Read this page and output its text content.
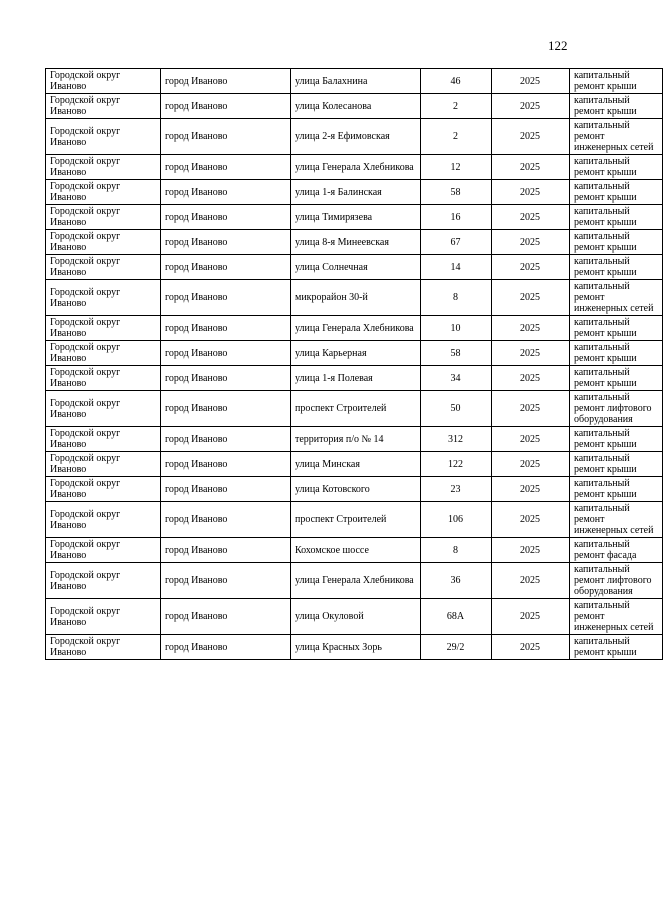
122
Городской округ Иваново	город Иваново	улица Балахнина	46	2025	капитальный ремонт крыши
Городской округ Иваново	город Иваново	улица Колесанова	2	2025	капитальный ремонт крыши
Городской округ Иваново	город Иваново	улица 2-я Ефимовская	2	2025	капитальный ремонт инженерных сетей
Городской округ Иваново	город Иваново	улица Генерала Хлебникова	12	2025	капитальный ремонт крыши
Городской округ Иваново	город Иваново	улица 1-я Балинская	58	2025	капитальный ремонт крыши
Городской округ Иваново	город Иваново	улица Тимирязева	16	2025	капитальный ремонт крыши
Городской округ Иваново	город Иваново	улица 8-я Минеевская	67	2025	капитальный ремонт крыши
Городской округ Иваново	город Иваново	улица Солнечная	14	2025	капитальный ремонт крыши
Городской округ Иваново	город Иваново	микрорайон 30-й	8	2025	капитальный ремонт инженерных сетей
Городской округ Иваново	город Иваново	улица Генерала Хлебникова	10	2025	капитальный ремонт крыши
Городской округ Иваново	город Иваново	улица Карьерная	58	2025	капитальный ремонт крыши
Городской округ Иваново	город Иваново	улица 1-я Полевая	34	2025	капитальный ремонт крыши
Городской округ Иваново	город Иваново	проспект Строителей	50	2025	капитальный ремонт лифтового оборудования
Городской округ Иваново	город Иваново	территория п/о № 14	312	2025	капитальный ремонт крыши
Городской округ Иваново	город Иваново	улица Минская	122	2025	капитальный ремонт крыши
Городской округ Иваново	город Иваново	улица Котовского	23	2025	капитальный ремонт крыши
Городской округ Иваново	город Иваново	проспект Строителей	106	2025	капитальный ремонт инженерных сетей
Городской округ Иваново	город Иваново	Кохомское шоссе	8	2025	капитальный ремонт фасада
Городской округ Иваново	город Иваново	улица Генерала Хлебникова	36	2025	капитальный ремонт лифтового оборудования
Городской округ Иваново	город Иваново	улица Окуловой	68А	2025	капитальный ремонт инженерных сетей
Городской округ Иваново	город Иваново	улица Красных Зорь	29/2	2025	капитальный ремонт крыши
